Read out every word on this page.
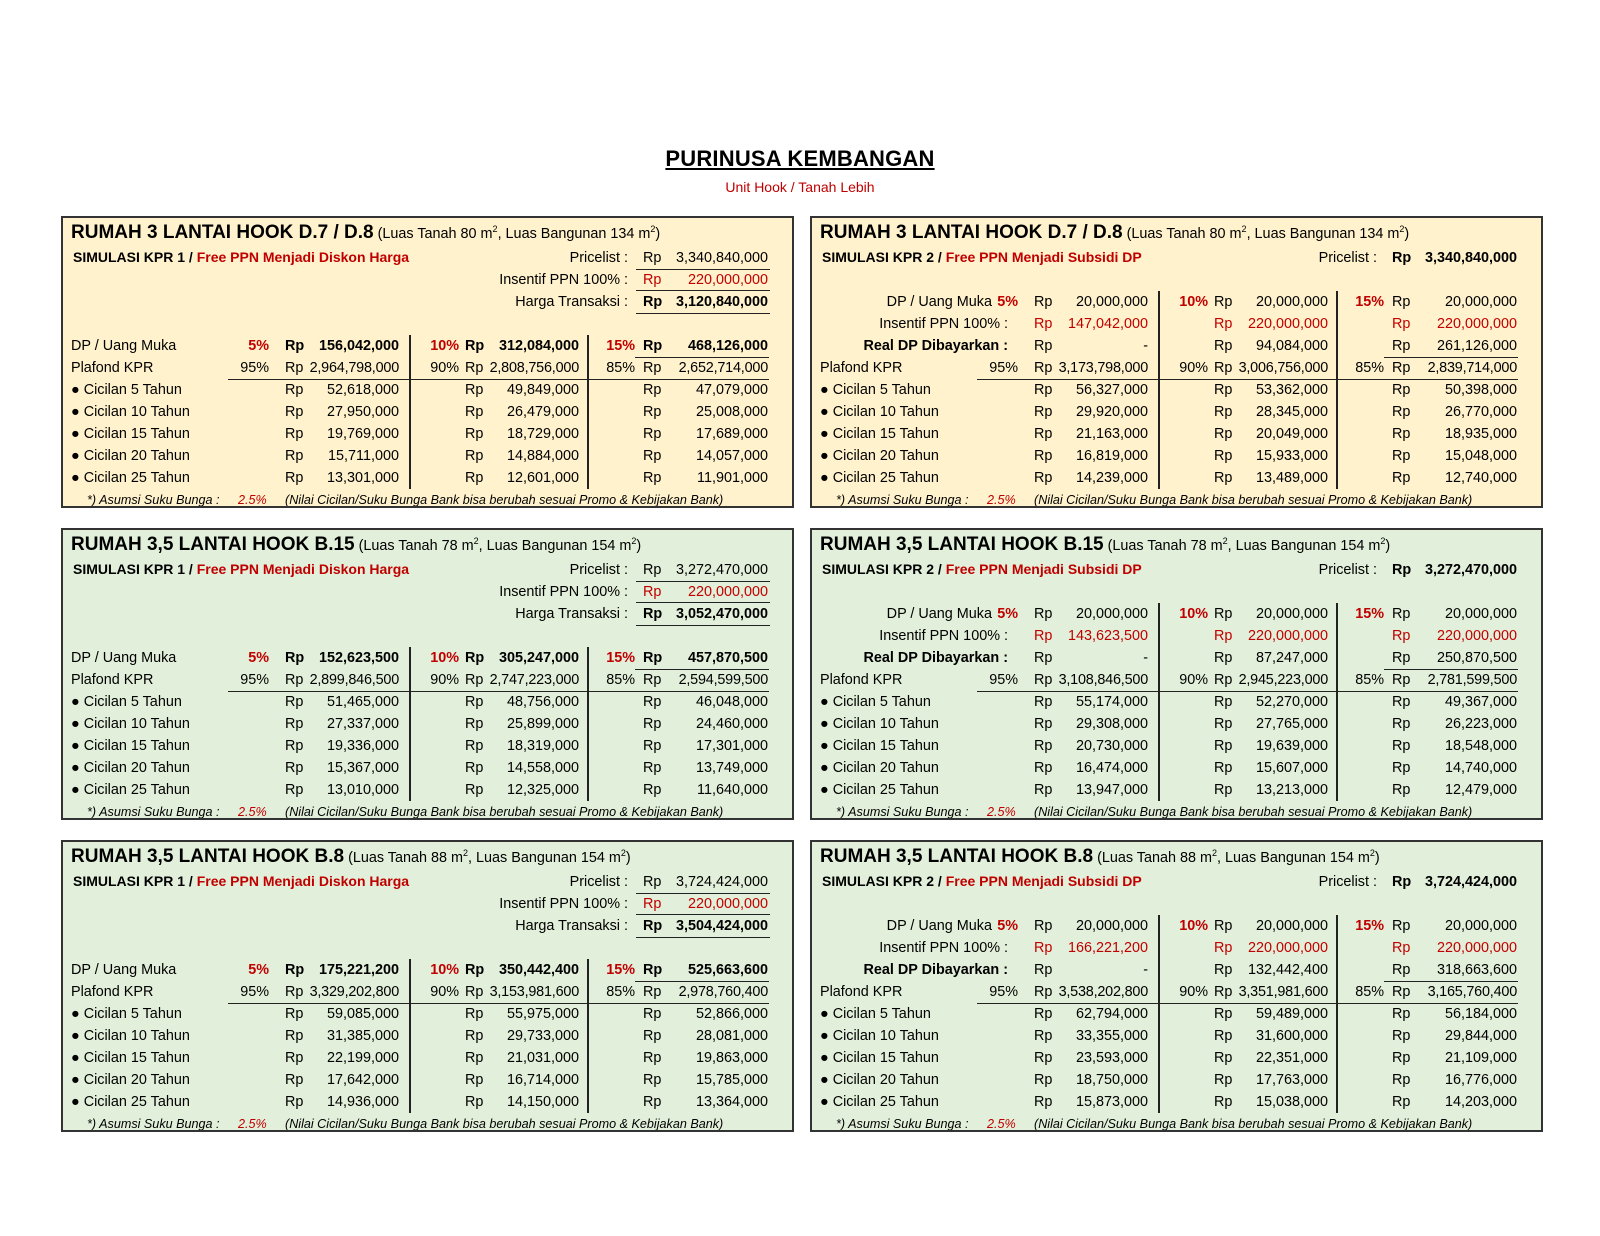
PURINUSA KEMBANGAN
Unit Hook / Tanah Lebih
RUMAH 3 LANTAI HOOK D.7 / D.8 (Luas Tanah 80 $m^2$, Luas Bangunan 134 $m^2$)
SIMULASI KPR 1 / Free PPN Menjadi Diskon Harga	Pricelist : Rp	3,340,840,000
Insentif PPN 100% : Rp	220,000,000
Harga Transaksi : Rp 3,120,840,000
DP / Uang Muka	5% Rp	156,042,000	10% Rp	312,084,000	15% Rp	468,126,000
Plafond KPR	95% Rp 2,964,798,000	90% Rp 2,808,756,000	85% Rp	2,652,714,000
● Cicilan 5 Tahun	Rp	52,618,000	Rp	49,849,000	Rp	47,079,000
● Cicilan 10 Tahun	Rp	27,950,000	Rp	26,479,000	Rp	25,008,000
● Cicilan 15 Tahun	Rp	19,769,000	Rp	18,729,000	Rp	17,689,000
● Cicilan 20 Tahun	Rp	15,711,000	Rp	14,884,000	Rp	14,057,000
● Cicilan 25 Tahun	Rp	13,301,000	Rp	12,601,000	Rp	11,901,000
*) Asumsi Suku Bunga : 2.5% (Nilai Cicilan/Suku Bunga Bank bisa berubah sesuai Promo & Kebijakan Bank)
RUMAH 3 LANTAI HOOK D.7 / D.8 (Luas Tanah 80 $m^2$, Luas Bangunan 134 $m^2$)
SIMULASI KPR 2 / Free PPN Menjadi Subsidi DP	Pricelist : Rp 3,340,840,000
DP / Uang Muka 5% Rp	20,000,000	10% Rp	20,000,000	15% Rp	20,000,000
Insentif PPN 100% : Rp	147,042,000	Rp	220,000,000	Rp	220,000,000
Real DP Dibayarkan : Rp	-	Rp	94,084,000	Rp	261,126,000
Plafond KPR	95% Rp 3,173,798,000	90% Rp 3,006,756,000	85% Rp	2,839,714,000
● Cicilan 5 Tahun	Rp	56,327,000	Rp	53,362,000	Rp	50,398,000
● Cicilan 10 Tahun	Rp	29,920,000	Rp	28,345,000	Rp	26,770,000
● Cicilan 15 Tahun	Rp	21,163,000	Rp	20,049,000	Rp	18,935,000
● Cicilan 20 Tahun	Rp	16,819,000	Rp	15,933,000	Rp	15,048,000
● Cicilan 25 Tahun	Rp	14,239,000	Rp	13,489,000	Rp	12,740,000
*) Asumsi Suku Bunga : 2.5% (Nilai Cicilan/Suku Bunga Bank bisa berubah sesuai Promo & Kebijakan Bank)
RUMAH 3,5 LANTAI HOOK B.15 (Luas Tanah 78 $m^2$, Luas Bangunan 154 $m^2$)
SIMULASI KPR 1 / Free PPN Menjadi Diskon Harga	Pricelist : Rp	3,272,470,000
Insentif PPN 100% : Rp	220,000,000
Harga Transaksi : Rp 3,052,470,000
DP / Uang Muka	5% Rp	152,623,500	10% Rp	305,247,000	15% Rp	457,870,500
Plafond KPR	95% Rp 2,899,846,500	90% Rp 2,747,223,000	85% Rp	2,594,599,500
● Cicilan 5 Tahun	Rp	51,465,000	Rp	48,756,000	Rp	46,048,000
● Cicilan 10 Tahun	Rp	27,337,000	Rp	25,899,000	Rp	24,460,000
● Cicilan 15 Tahun	Rp	19,336,000	Rp	18,319,000	Rp	17,301,000
● Cicilan 20 Tahun	Rp	15,367,000	Rp	14,558,000	Rp	13,749,000
● Cicilan 25 Tahun	Rp	13,010,000	Rp	12,325,000	Rp	11,640,000
*) Asumsi Suku Bunga : 2.5% (Nilai Cicilan/Suku Bunga Bank bisa berubah sesuai Promo & Kebijakan Bank)
RUMAH 3,5 LANTAI HOOK B.15 (Luas Tanah 78 $m^2$, Luas Bangunan 154 $m^2$)
SIMULASI KPR 2 / Free PPN Menjadi Subsidi DP	Pricelist : Rp 3,272,470,000
DP / Uang Muka 5% Rp	20,000,000	10% Rp	20,000,000	15% Rp	20,000,000
Insentif PPN 100% : Rp	143,623,500	Rp	220,000,000	Rp	220,000,000
Real DP Dibayarkan : Rp	-	Rp	87,247,000	Rp	250,870,500
Plafond KPR	95% Rp 3,108,846,500	90% Rp 2,945,223,000	85% Rp	2,781,599,500
● Cicilan 5 Tahun	Rp	55,174,000	Rp	52,270,000	Rp	49,367,000
● Cicilan 10 Tahun	Rp	29,308,000	Rp	27,765,000	Rp	26,223,000
● Cicilan 15 Tahun	Rp	20,730,000	Rp	19,639,000	Rp	18,548,000
● Cicilan 20 Tahun	Rp	16,474,000	Rp	15,607,000	Rp	14,740,000
● Cicilan 25 Tahun	Rp	13,947,000	Rp	13,213,000	Rp	12,479,000
*) Asumsi Suku Bunga : 2.5% (Nilai Cicilan/Suku Bunga Bank bisa berubah sesuai Promo & Kebijakan Bank)
RUMAH 3,5 LANTAI HOOK B.8 (Luas Tanah 88 $m^2$, Luas Bangunan 154 $m^2$)
SIMULASI KPR 1 / Free PPN Menjadi Diskon Harga	Pricelist : Rp	3,724,424,000
Insentif PPN 100% : Rp	220,000,000
Harga Transaksi : Rp 3,504,424,000
DP / Uang Muka	5% Rp	175,221,200	10% Rp	350,442,400	15% Rp	525,663,600
Plafond KPR	95% Rp 3,329,202,800	90% Rp 3,153,981,600	85% Rp	2,978,760,400
● Cicilan 5 Tahun	Rp	59,085,000	Rp	55,975,000	Rp	52,866,000
● Cicilan 10 Tahun	Rp	31,385,000	Rp	29,733,000	Rp	28,081,000
● Cicilan 15 Tahun	Rp	22,199,000	Rp	21,031,000	Rp	19,863,000
● Cicilan 20 Tahun	Rp	17,642,000	Rp	16,714,000	Rp	15,785,000
● Cicilan 25 Tahun	Rp	14,936,000	Rp	14,150,000	Rp	13,364,000
*) Asumsi Suku Bunga : 2.5% (Nilai Cicilan/Suku Bunga Bank bisa berubah sesuai Promo & Kebijakan Bank)
RUMAH 3,5 LANTAI HOOK B.8 (Luas Tanah 88 $m^2$, Luas Bangunan 154 $m^2$)
SIMULASI KPR 2 / Free PPN Menjadi Subsidi DP	Pricelist : Rp 3,724,424,000
DP / Uang Muka 5% Rp	20,000,000	10% Rp	20,000,000	15% Rp	20,000,000
Insentif PPN 100% : Rp	166,221,200	Rp	220,000,000	Rp	220,000,000
Real DP Dibayarkan : Rp	-	Rp	132,442,400	Rp	318,663,600
Plafond KPR	95% Rp 3,538,202,800	90% Rp 3,351,981,600	85% Rp	3,165,760,400
● Cicilan 5 Tahun	Rp	62,794,000	Rp	59,489,000	Rp	56,184,000
● Cicilan 10 Tahun	Rp	33,355,000	Rp	31,600,000	Rp	29,844,000
● Cicilan 15 Tahun	Rp	23,593,000	Rp	22,351,000	Rp	21,109,000
● Cicilan 20 Tahun	Rp	18,750,000	Rp	17,763,000	Rp	16,776,000
● Cicilan 25 Tahun	Rp	15,873,000	Rp	15,038,000	Rp	14,203,000
*) Asumsi Suku Bunga : 2.5% (Nilai Cicilan/Suku Bunga Bank bisa berubah sesuai Promo & Kebijakan Bank)
